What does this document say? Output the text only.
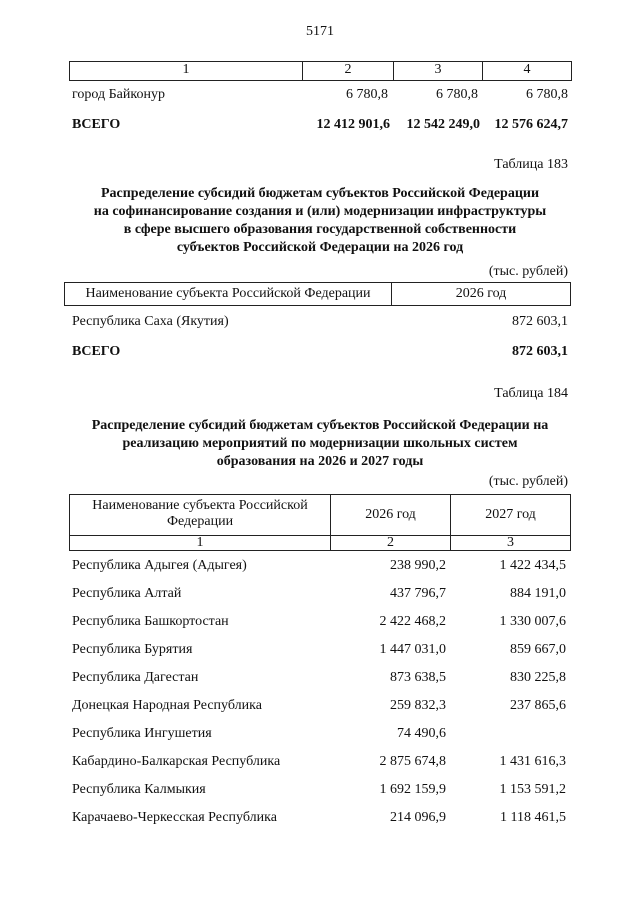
5171
1	2	3	4
город Байконур	6 780,8	6 780,8	6 780,8
ВСЕГО	12 412 901,6	12 542 249,0	12 576 624,7
Таблица 183
Распределение субсидий бюджетам субъектов Российской Федерации
на софинансирование создания и (или) модернизации инфраструктуры
в сфере высшего образования государственной собственности
субъектов Российской Федерации на 2026 год
(тыс. рублей)
Наименование субъекта Российской Федерации	2026 год
Республика Саха (Якутия)	872 603,1
ВСЕГО	872 603,1
Таблица 184
Распределение субсидий бюджетам субъектов Российской Федерации на
реализацию мероприятий по модернизации школьных систем
образования на 2026 и 2027 годы
(тыс. рублей)
Наименование субъекта Российской
Федерации	2026 год	2027 год
1	2	3
Республика Адыгея (Адыгея)	238 990,2	1 422 434,5
Республика Алтай	437 796,7	884 191,0
Республика Башкортостан	2 422 468,2	1 330 007,6
Республика Бурятия	1 447 031,0	859 667,0
Республика Дагестан	873 638,5	830 225,8
Донецкая Народная Республика	259 832,3	237 865,6
Республика Ингушетия	74 490,6
Кабардино-Балкарская Республика	2 875 674,8	1 431 616,3
Республика Калмыкия	1 692 159,9	1 153 591,2
Карачаево-Черкесская Республика	214 096,9	1 118 461,5
